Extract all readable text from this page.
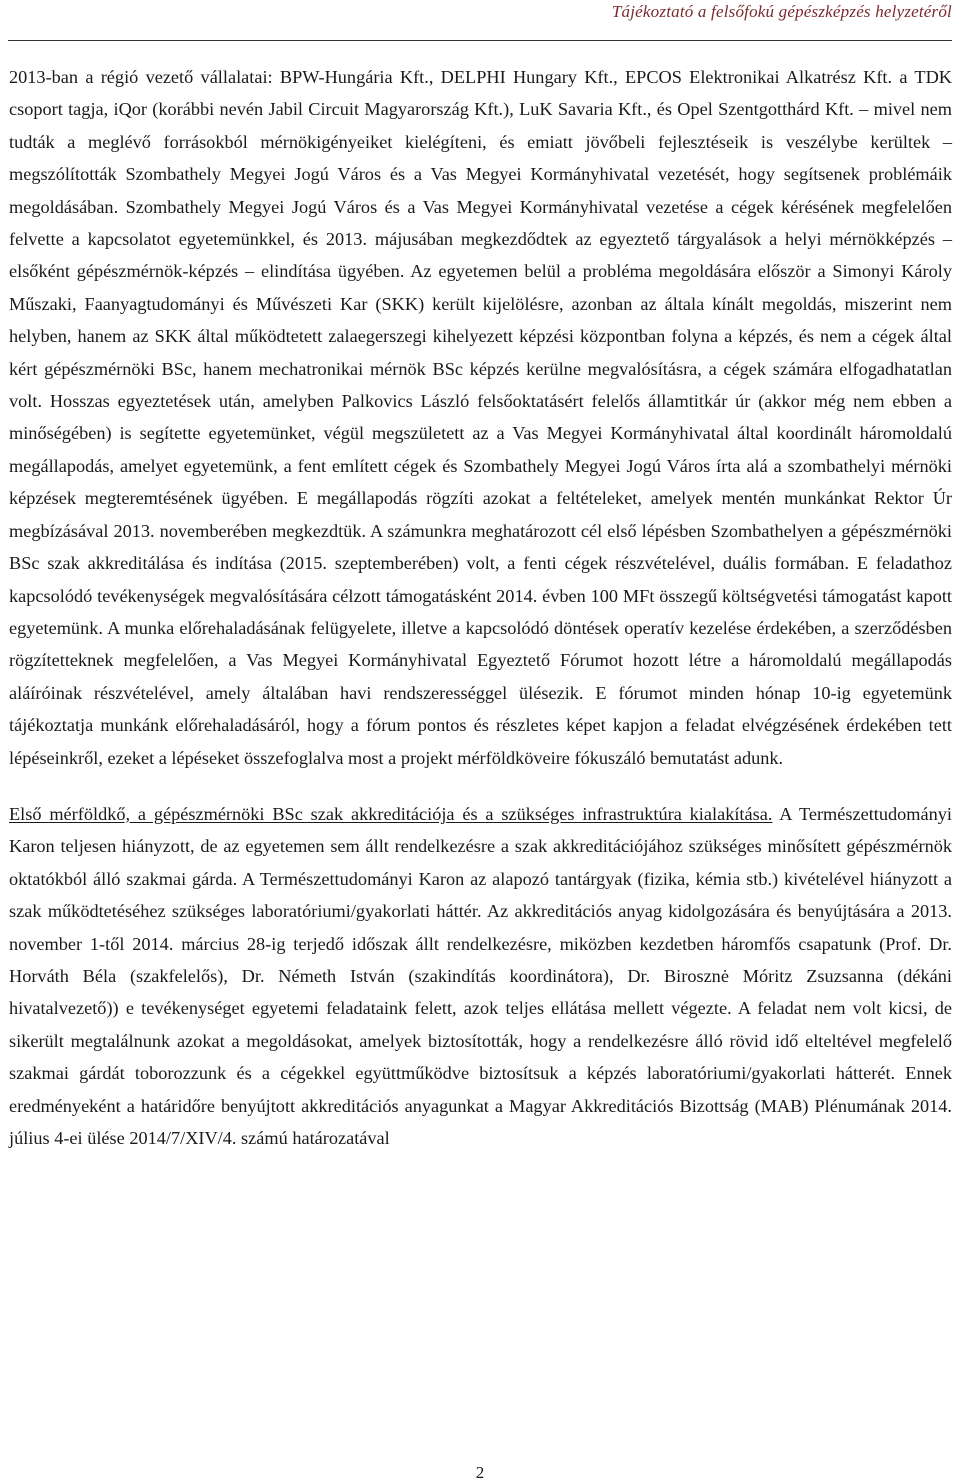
Tájékoztató a felsőfokú gépészképzés helyzetéről

2013-ban a régió vezető vállalatai: BPW-Hungária Kft., DELPHI Hungary Kft., EPCOS Elektronikai Alkatrész Kft. a TDK csoport tagja, iQor (korábbi nevén Jabil Circuit Magyarország Kft.), LuK Savaria Kft., és Opel Szentgotthárd Kft. – mivel nem tudták a meglévő forrásokból mérnökigényeiket kielégíteni, és emiatt jövőbeli fejlesztéseik is veszélybe kerültek – megszólították Szombathely Megyei Jogú Város és a Vas Megyei Kormányhivatal vezetését, hogy segítsenek problémáik megoldásában. Szombathely Megyei Jogú Város és a Vas Megyei Kormányhivatal vezetése a cégek kérésének megfelelően felvette a kapcsolatot egyetemünkkel, és 2013. májusában megkezdődtek az egyeztető tárgyalások a helyi mérnökképzés – elsőként gépészmérnök-képzés – elindítása ügyében. Az egyetemen belül a probléma megoldására először a Simonyi Károly Műszaki, Faanyagtudományi és Művészeti Kar (SKK) került kijelölésre, azonban az általa kínált megoldás, miszerint nem helyben, hanem az SKK által működtetett zalaegerszegi kihelyezett képzési központban folyna a képzés, és nem a cégek által kért gépészmérnöki BSc, hanem mechatronikai mérnök BSc képzés kerülne megvalósításra, a cégek számára elfogadhatatlan volt. Hosszas egyeztetések után, amelyben Palkovics László felsőoktatásért felelős államtitkár úr (akkor még nem ebben a minőségében) is segítette egyetemünket, végül megszületett az a Vas Megyei Kormányhivatal által koordinált háromoldalú megállapodás, amelyet egyetemünk, a fent említett cégek és Szombathely Megyei Jogú Város írta alá a szombathelyi mérnöki képzések megteremtésének ügyében. E megállapodás rögzíti azokat a feltételeket, amelyek mentén munkánkat Rektor Úr megbízásával 2013. novemberében megkezdtük. A számunkra meghatározott cél első lépésben Szombathelyen a gépészmérnöki BSc szak akkreditálása és indítása (2015. szeptemberében) volt, a fenti cégek részvételével, duális formában. E feladathoz kapcsolódó tevékenységek megvalósítására célzott támogatásként 2014. évben 100 MFt összegű költségvetési támogatást kapott egyetemünk. A munka előrehaladásának felügyelete, illetve a kapcsolódó döntések operatív kezelése érdekében, a szerződésben rögzítetteknek megfelelően, a Vas Megyei Kormányhivatal Egyeztető Fórumot hozott létre a háromoldalú megállapodás aláíróinak részvételével, amely általában havi rendszerességgel ülésezik. E fórumot minden hónap 10-ig egyetemünk tájékoztatja munkánk előrehaladásáról, hogy a fórum pontos és részletes képet kapjon a feladat elvégzésének érdekében tett lépéseinkről, ezeket a lépéseket összefoglalva most a projekt mérföldköveire fókuszáló bemutatást adunk.

Első mérföldkő, a gépészmérnöki BSc szak akkreditációja és a szükséges infrastruktúra kialakítása. A Természettudományi Karon teljesen hiányzott, de az egyetemen sem állt rendelkezésre a szak akkreditációjához szükséges minősített gépészmérnök oktatókból álló szakmai gárda. A Természettudományi Karon az alapozó tantárgyak (fizika, kémia stb.) kivételével hiányzott a szak működtetéséhez szükséges laboratóriumi/gyakorlati háttér. Az akkreditációs anyag kidolgozására és benyújtására a 2013. november 1-től 2014. március 28-ig terjedő időszak állt rendelkezésre, miközben kezdetben háromfős csapatunk (Prof. Dr. Horváth Béla (szakfelelős), Dr. Németh István (szakindítás koordinátora), Dr. Birosznė Móritz Zsuzsanna (dékáni hivatalvezető)) e tevékenységet egyetemi feladataink felett, azok teljes ellátása mellett végezte. A feladat nem volt kicsi, de sikerült megtalálnunk azokat a megoldásokat, amelyek biztosították, hogy a rendelkezésre álló rövid idő elteltével megfelelő szakmai gárdát toborozzunk és a cégekkel együttműködve biztosítsuk a képzés laboratóriumi/gyakorlati hátterét. Ennek eredményeként a határidőre benyújtott akkreditációs anyagunkat a Magyar Akkreditációs Bizottság (MAB) Plénumának 2014. július 4-ei ülése 2014/7/XIV/4. számú határozatával

2
